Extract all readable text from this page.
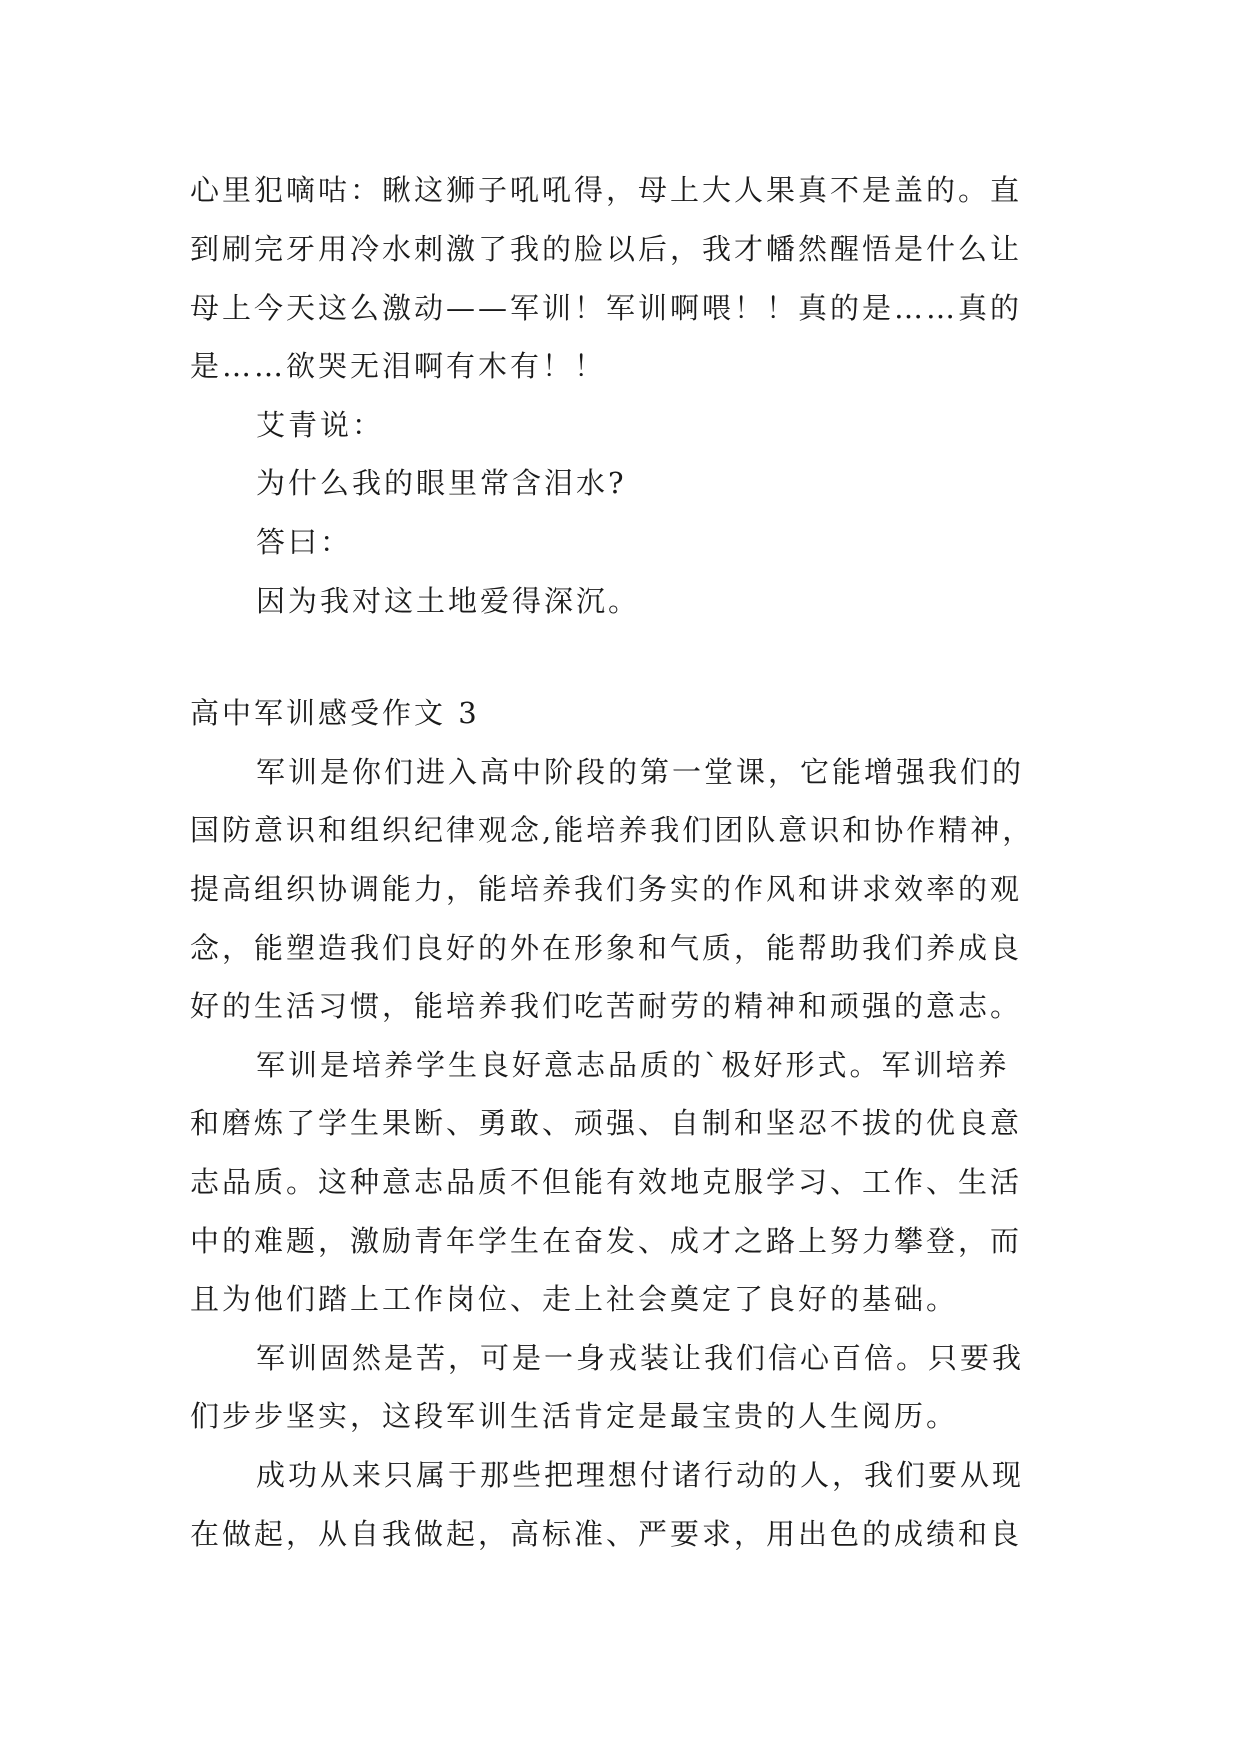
心里犯嘀咕：瞅这狮子吼吼得，母上大人果真不是盖的。直
到刷完牙用冷水刺激了我的脸以后，我才幡然醒悟是什么让
母上今天这么激动——军训！军训啊喂！！真的是……真的
是……欲哭无泪啊有木有！！
艾青说：
为什么我的眼里常含泪水?
答曰：
因为我对这土地爱得深沉。
高中军训感受作文 3
军训是你们进入高中阶段的第一堂课，它能增强我们的
国防意识和组织纪律观念,能培养我们团队意识和协作精神，
提高组织协调能力，能培养我们务实的作风和讲求效率的观
念，能塑造我们良好的外在形象和气质，能帮助我们养成良
好的生活习惯，能培养我们吃苦耐劳的精神和顽强的意志。
军训是培养学生良好意志品质的`极好形式。军训培养
和磨炼了学生果断、勇敢、顽强、自制和坚忍不拔的优良意
志品质。这种意志品质不但能有效地克服学习、工作、生活
中的难题，激励青年学生在奋发、成才之路上努力攀登，而
且为他们踏上工作岗位、走上社会奠定了良好的基础。
军训固然是苦，可是一身戎装让我们信心百倍。只要我
们步步坚实，这段军训生活肯定是最宝贵的人生阅历。
成功从来只属于那些把理想付诸行动的人，我们要从现
在做起，从自我做起，高标准、严要求，用出色的成绩和良
